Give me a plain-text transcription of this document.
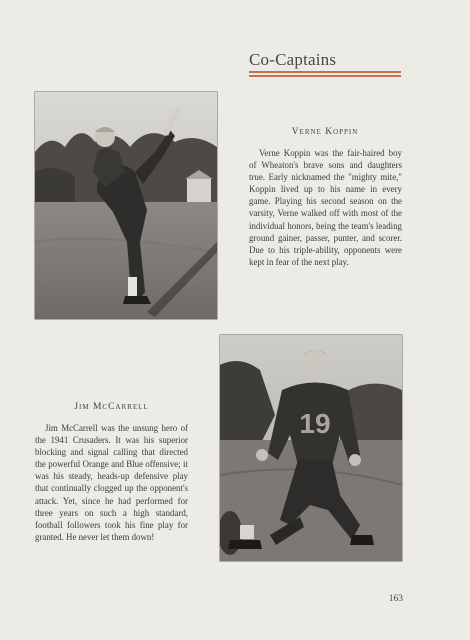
Co-Captains
Verne Koppin

Verne Koppin was the fair-haired boy of Wheaton's brave sons and daughters true. Early nicknamed the "mighty mite," Koppin lived up to his name in every game. Playing his second season on the varsity, Verne walked off with most of the individual honors, being the team's leading ground gainer, passer, punter, and scorer. Due to his triple-ability, opponents were kept in fear of the next play.

19
Jim McCarrell

Jim McCarrell was the unsung hero of the 1941 Crusaders. It was his superior blocking and signal calling that directed the powerful Orange and Blue offensive; it was his steady, heads-up defensive play that continually clogged up the opponent's attack. Yet, since he had performed for three years on such a high standard, football followers took his fine play for granted. He never let them down!

163
